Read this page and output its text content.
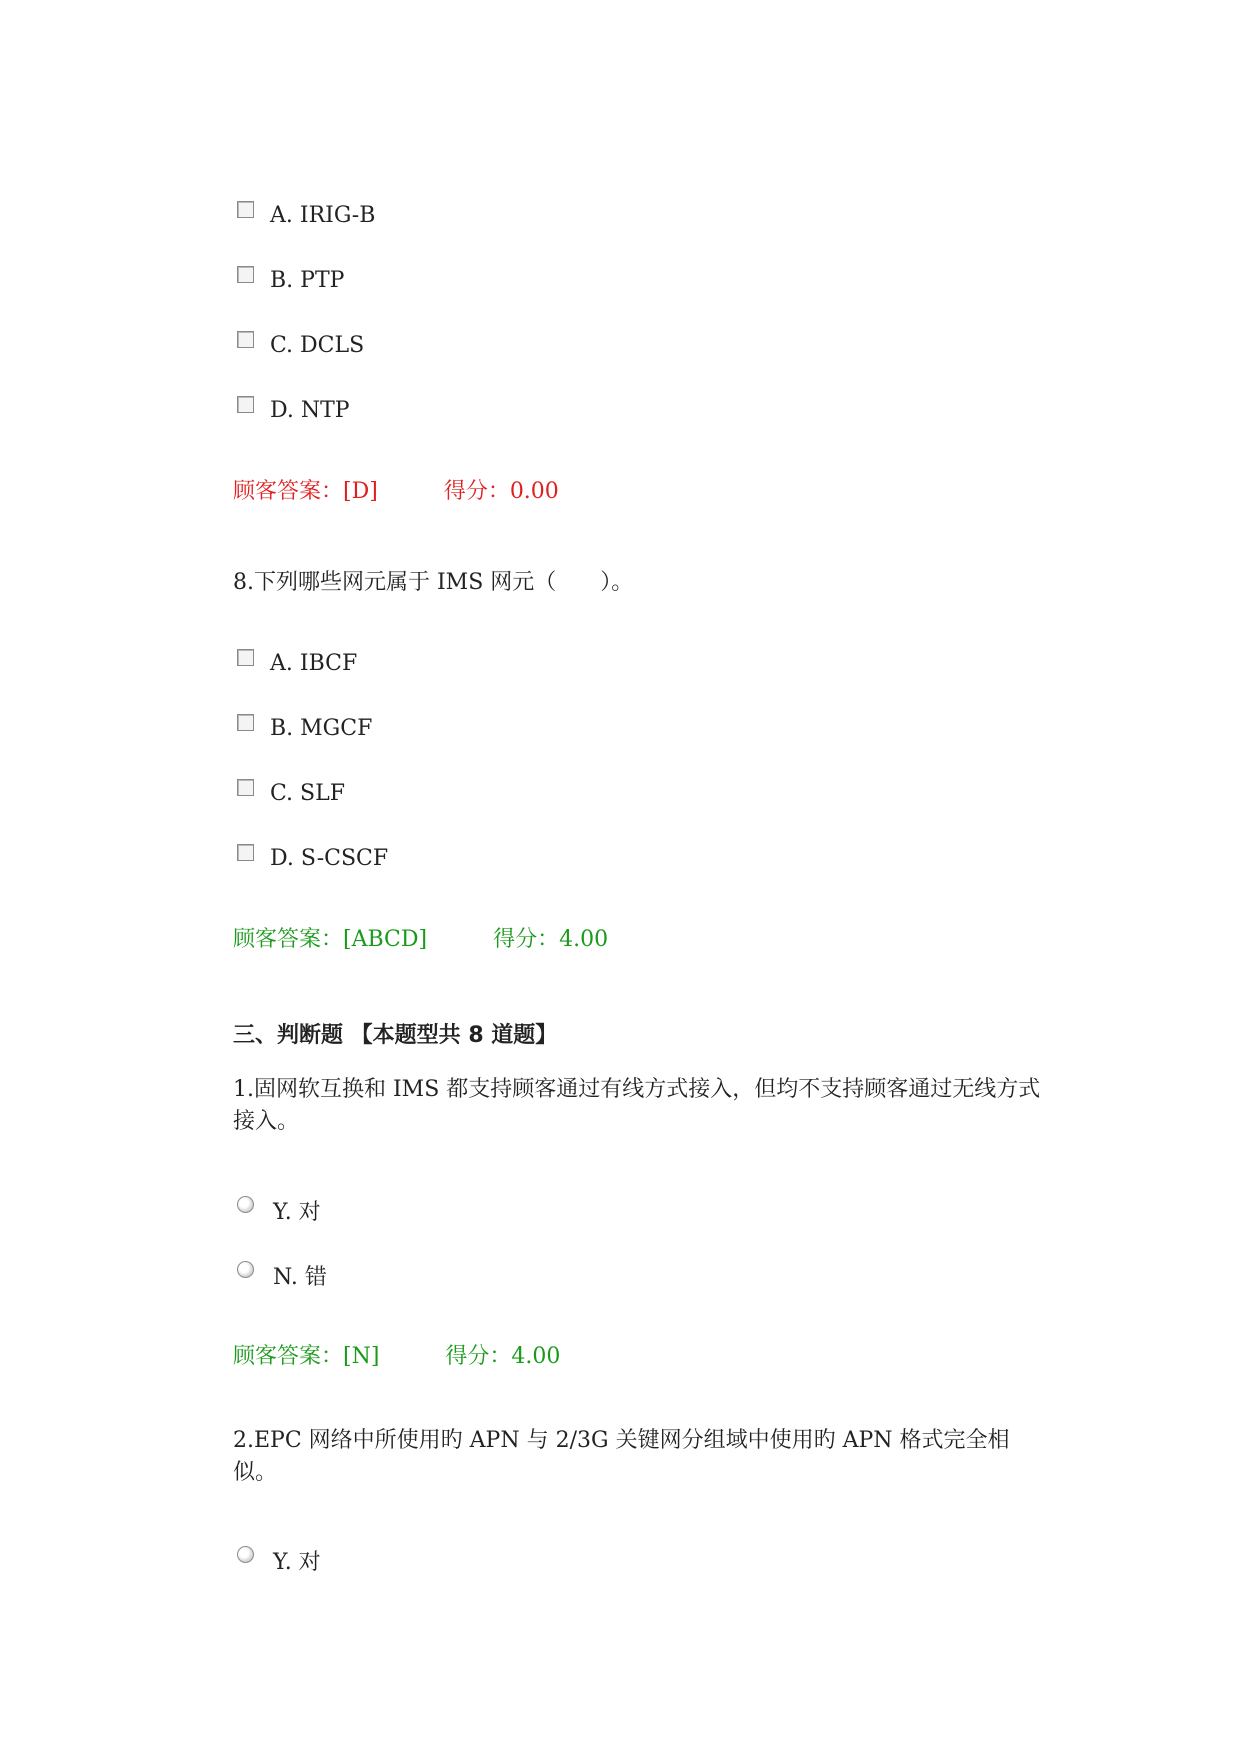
A. IRIG-B
B. PTP
C. DCLS
D. NTP
顾客答案：[D]	得分：0.00
8.下列哪些网元属于 IMS 网元（　　）。
A. IBCF
B. MGCF
C. SLF
D. S-CSCF
顾客答案：[ABCD]	得分：4.00
三、判断题 【本题型共 8 道题】
1.固网软互换和 IMS 都支持顾客通过有线方式接入，但均不支持顾客通过无线方式接入。
Y. 对
N. 错
顾客答案：[N]	得分：4.00
2.EPC 网络中所使用旳 APN 与 2/3G 关键网分组域中使用旳 APN 格式完全相似。
Y. 对
